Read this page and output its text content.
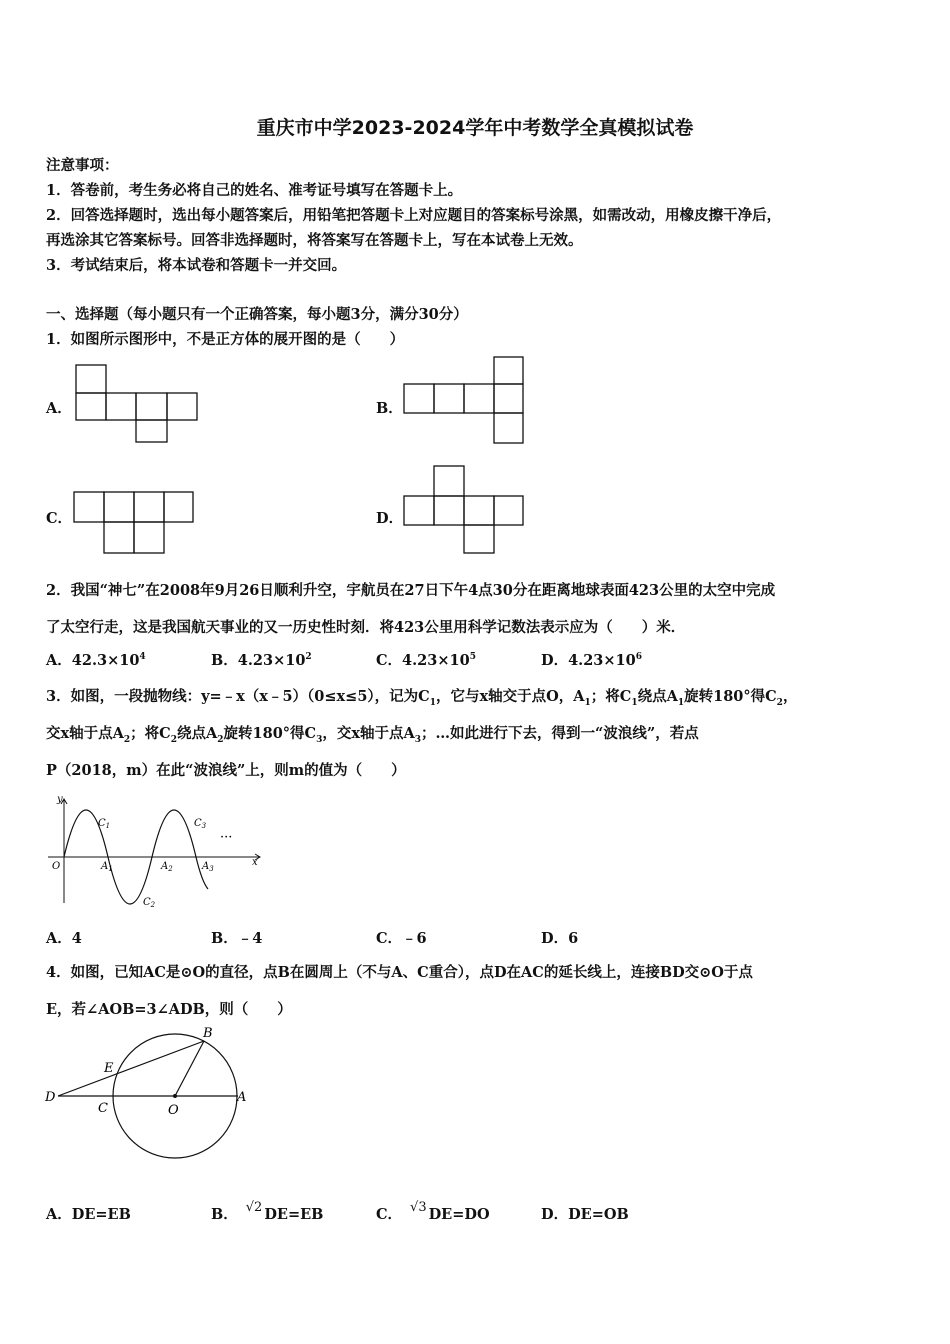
重庆市中学2023-2024学年中考数学全真模拟试卷
注意事项：
1．答卷前，考生务必将自己的姓名、准考证号填写在答题卡上。
2．回答选择题时，选出每小题答案后，用铅笔把答题卡上对应题目的答案标号涂黑，如需改动，用橡皮擦干净后，
再选涂其它答案标号。回答非选择题时，将答案写在答题卡上，写在本试卷上无效。
3．考试结束后，将本试卷和答题卡一并交回。
一、选择题（每小题只有一个正确答案，每小题3分，满分30分）
1．如图所示图形中，不是正方体的展开图的是（　　）
A．	B．
C．	D．
2．我国“神七”在2008年9月26日顺利升空，宇航员在27日下午4点30分在距离地球表面423公里的太空中完成
了太空行走，这是我国航天事业的又一历史性时刻．将423公里用科学记数法表示应为（　　）米．
A．$42.3\times 10^4$	B．$4.23\times 10^2$	C．$4.23\times 10^5$	D．$4.23\times 10^6$
3．如图，一段抛物线：y=﹣x（x﹣5）（0≤x≤5），记为$C_1$，它与x轴交于点O，$A_1$；将$C_1$绕点$A_1$旋转180°得$C_2$，
交x轴于点$A_2$；将$C_2$绕点$A_2$旋转180°得$C_3$，交x轴于点$A_3$；…如此进行下去，得到一“波浪线”，若点
P（2018，m）在此“波浪线”上，则m的值为（　　）
y
x
O
$C_1$
$C_2$
$C_3$
$A_1$	$A_2$	$A_3$
···
A．4	B．﹣4	C．﹣6	D．6
4．如图，已知AC是⊙O的直径，点B在圆周上（不与A、C重合），点D在AC的延长线上，连接BD交⊙O于点
E，若∠AOB=3∠ADB，则（　　）
B
E
D
C	O
A
A．DE=EB	B． √2 DE=EB	C． √3 DE=DO	D．DE=OB
